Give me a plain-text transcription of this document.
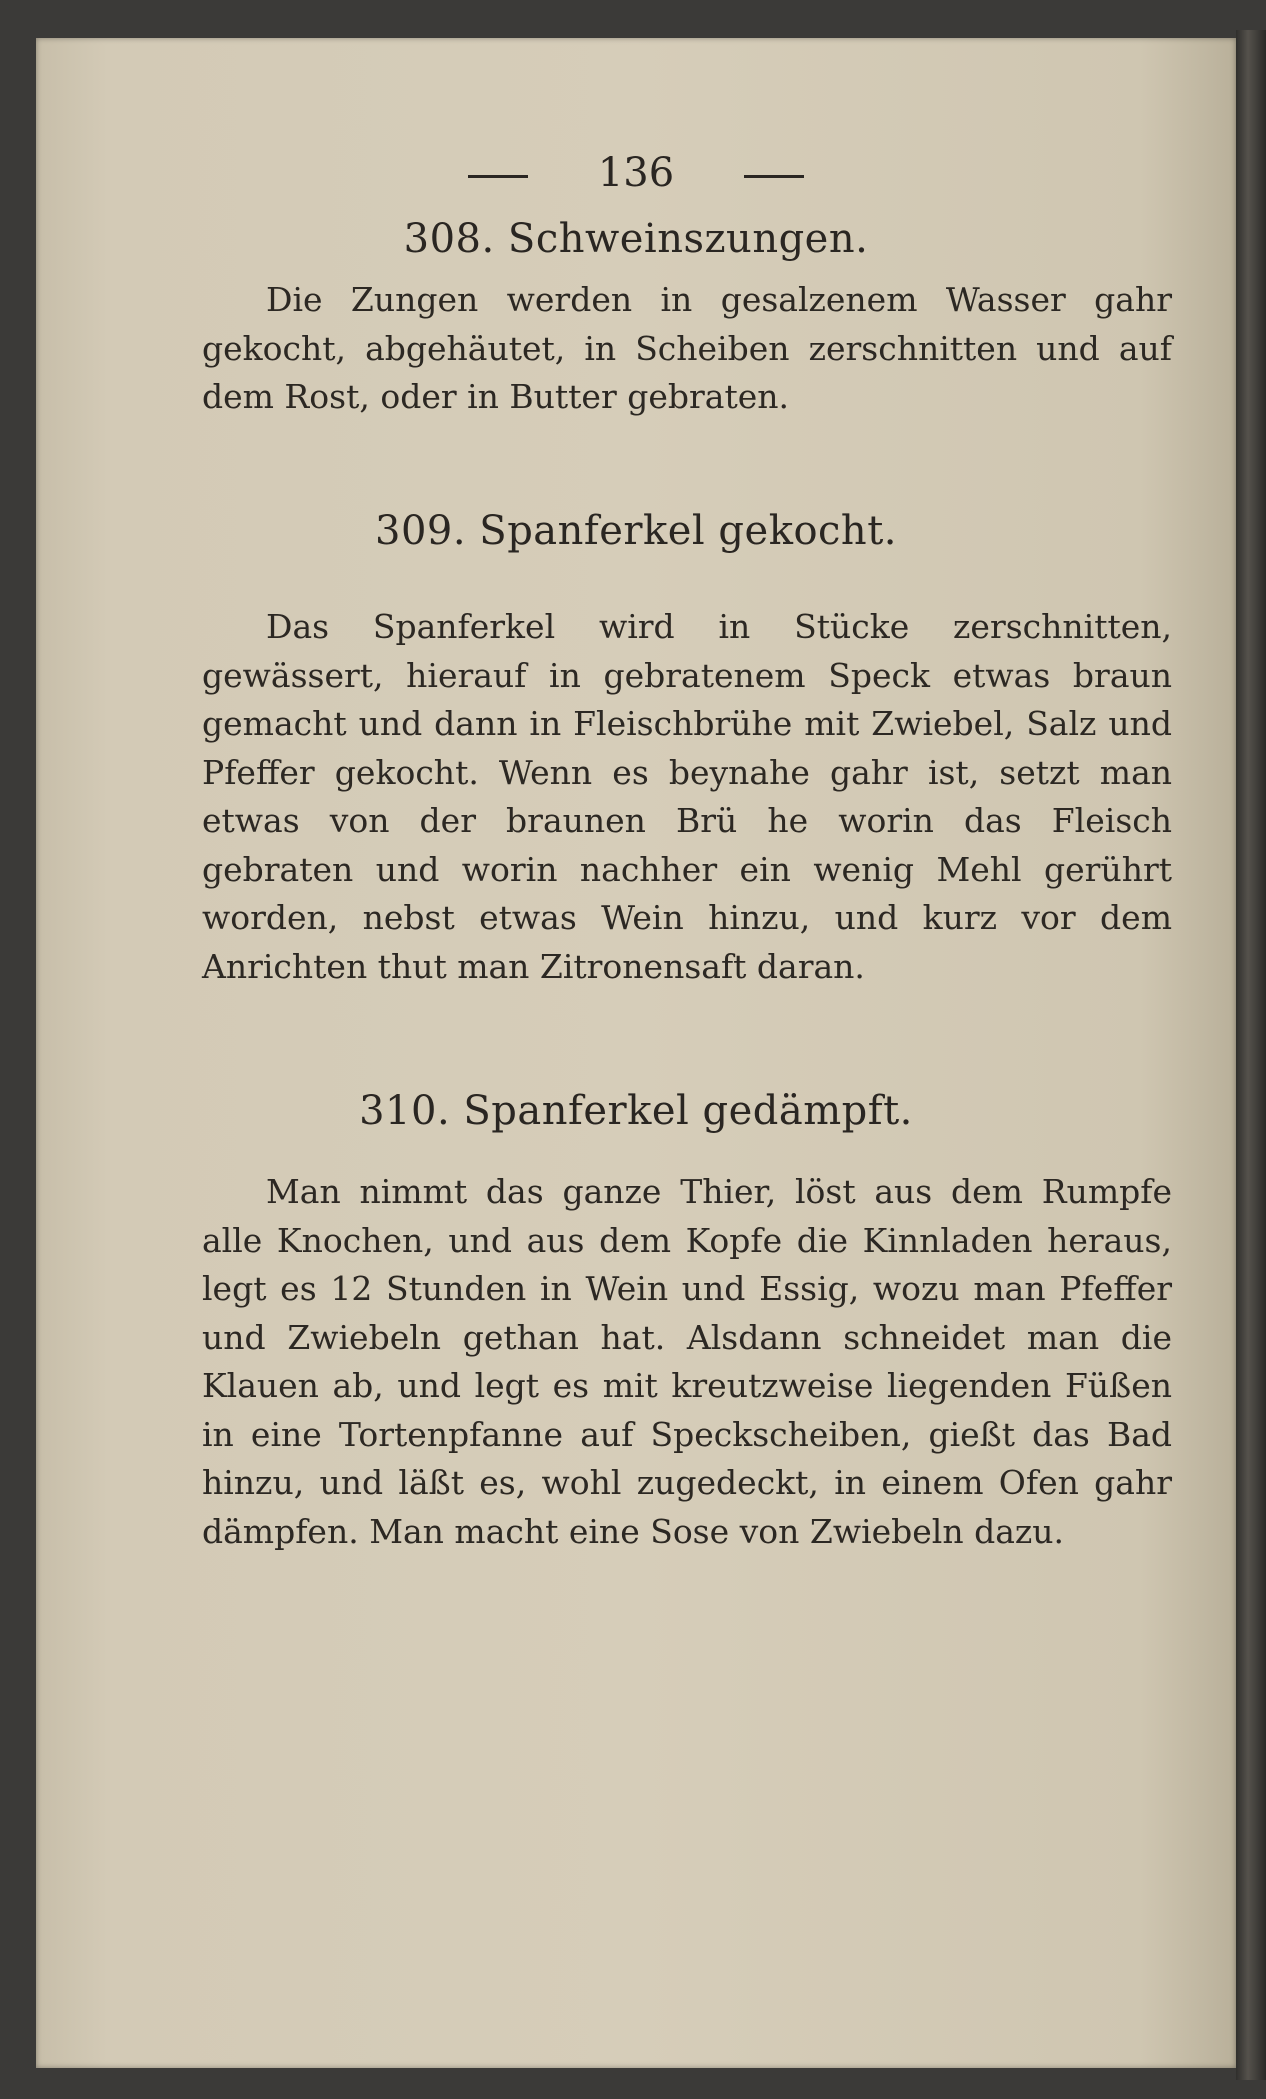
136
308. Schweinszungen.
Die Zungen werden in gesalzenem Wasser gahr gekocht, abgehäutet, in Scheiben zerschnitten und auf dem Rost, oder in Butter gebraten.
309. Spanferkel gekocht.
Das Spanferkel wird in Stücke zerschnitten, gewässert, hierauf in gebratenem Speck etwas braun gemacht und dann in Fleischbrühe mit Zwiebel, Salz und Pfeffer gekocht. Wenn es beynahe gahr ist, setzt man etwas von der braunen Brü he worin das Fleisch gebraten und worin nachher ein wenig Mehl gerührt worden, nebst etwas Wein hinzu, und kurz vor dem Anrichten thut man Zitronensaft daran.
310. Spanferkel gedämpft.
Man nimmt das ganze Thier, löst aus dem Rumpfe alle Knochen, und aus dem Kopfe die Kinnladen heraus, legt es 12 Stunden in Wein und Essig, wozu man Pfeffer und Zwiebeln gethan hat. Alsdann schneidet man die Klauen ab, und legt es mit kreutzweise liegenden Füßen in eine Tortenpfanne auf Speckscheiben, gießt das Bad hinzu, und läßt es, wohl zugedeckt, in einem Ofen gahr dämpfen. Man macht eine Sose von Zwiebeln dazu.
